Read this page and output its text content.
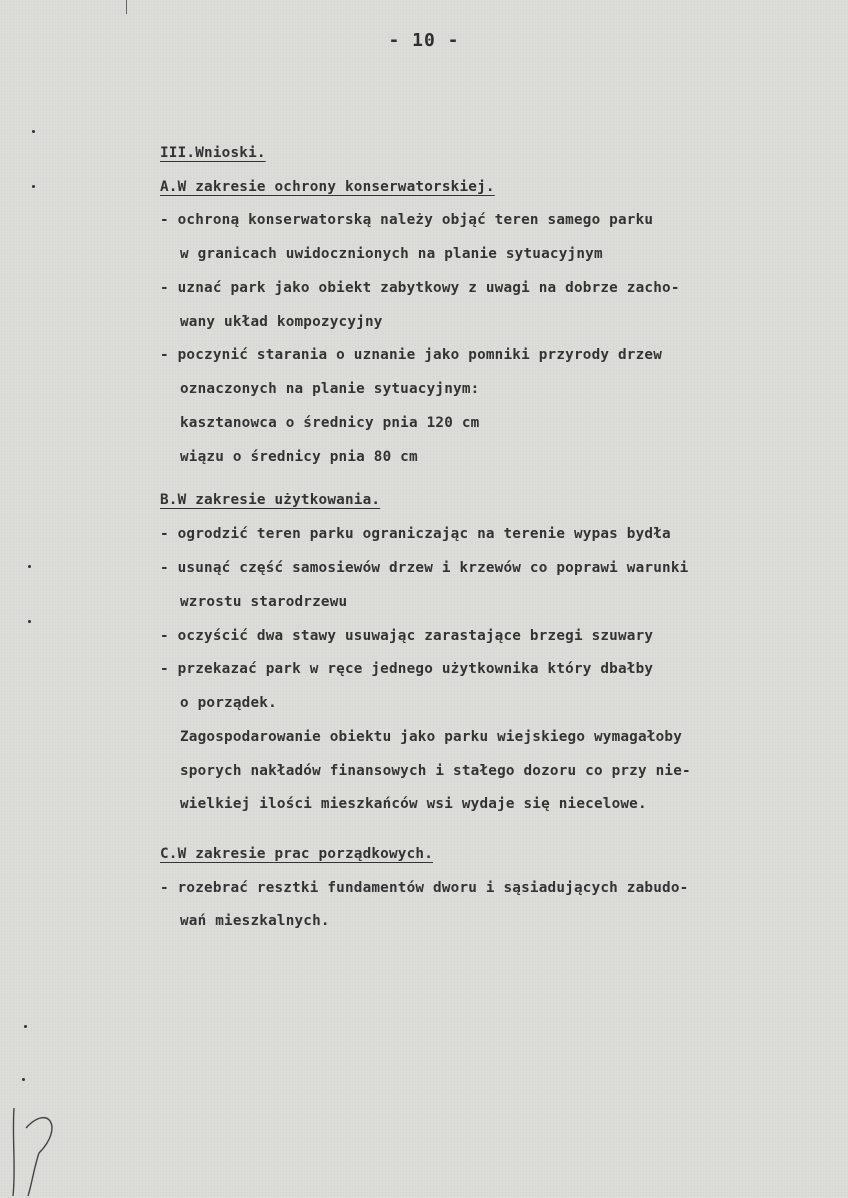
- 10 -
III.Wnioski.
A.W zakresie ochrony konserwatorskiej.
- ochroną konserwatorską należy objąć teren samego parku
w granicach uwidocznionych na planie sytuacyjnym
- uznać park jako obiekt zabytkowy z uwagi na dobrze zacho-
wany układ kompozycyjny
- poczynić starania o uznanie jako pomniki przyrody drzew
oznaczonych na planie sytuacyjnym:
kasztanowca o średnicy pnia 120 cm
wiązu o średnicy pnia 80 cm
B.W zakresie użytkowania.
- ogrodzić teren parku ograniczając na terenie wypas bydła
- usunąć część samosiewów drzew i krzewów co poprawi warunki
wzrostu starodrzewu
- oczyścić dwa stawy usuwając zarastające brzegi szuwary
- przekazać park w ręce jednego użytkownika który dbałby
o porządek.
Zagospodarowanie obiektu jako parku wiejskiego wymagałoby
sporych nakładów finansowych i stałego dozoru co przy nie-
wielkiej ilości mieszkańców wsi wydaje się niecelowe.
C.W zakresie prac porządkowych.
- rozebrać resztki fundamentów dworu i sąsiadujących zabudo-
wań mieszkalnych.
